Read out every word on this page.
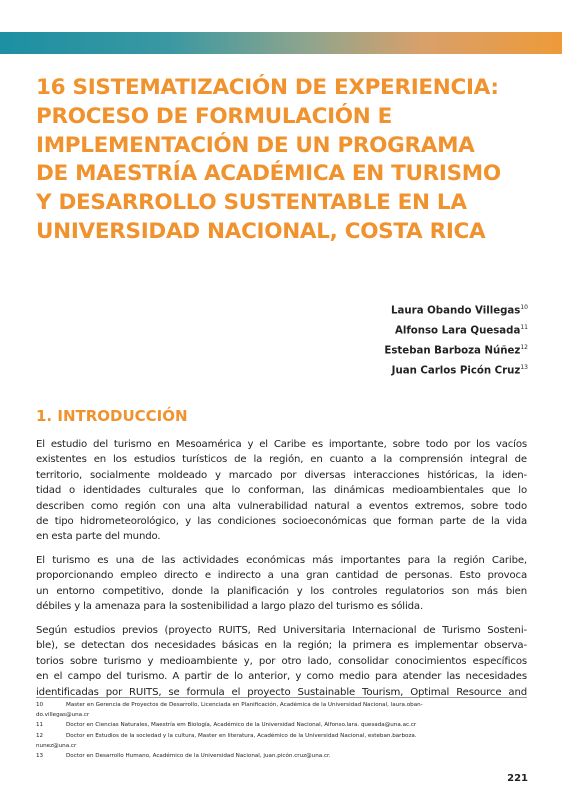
16 SISTEMATIZACIÓN DE EXPERIENCIA:
PROCESO DE FORMULACIÓN E
IMPLEMENTACIÓN DE UN PROGRAMA
DE MAESTRÍA ACADÉMICA EN TURISMO
Y DESARROLLO SUSTENTABLE EN LA
UNIVERSIDAD NACIONAL, COSTA RICA
Laura Obando Villegas$^{10}$
Alfonso Lara Quesada$^{11}$
Esteban Barboza Núñez$^{12}$
Juan Carlos Picón Cruz$^{13}$
1. INTRODUCCIÓN

El estudio del turismo en Mesoamérica y el Caribe es importante, sobre todo por los vacíos
existentes en los estudios turísticos de la región, en cuanto a la comprensión integral de
territorio, socialmente moldeado y marcado por diversas interacciones históricas, la iden-
tidad o identidades culturales que lo conforman, las dinámicas medioambientales que lo
describen como región con una alta vulnerabilidad natural a eventos extremos, sobre todo
de tipo hidrometeorológico, y las condiciones socioeconómicas que forman parte de la vida
en esta parte del mundo.

El turismo es una de las actividades económicas más importantes para la región Caribe,
proporcionando empleo directo e indirecto a una gran cantidad de personas. Esto provoca
un entorno competitivo, donde la planificación y los controles regulatorios son más bien
débiles y la amenaza para la sostenibilidad a largo plazo del turismo es sólida.

Según estudios previos (proyecto RUITS, Red Universitaria Internacional de Turismo Sosteni-
ble), se detectan dos necesidades básicas en la región; la primera es implementar observa-
torios sobre turismo y medioambiente y, por otro lado, consolidar conocimientos específicos
en el campo del turismo. A partir de lo anterior, y como medio para atender las necesidades
identificadas por RUITS, se formula el proyecto Sustainable Tourism, Optimal Resource and

10	Master en Gerencia de Proyectos de Desarrollo, Licenciada en Planificación, Académica de la Universidad Nacional, laura.oban-
do.villegas@una.cr
11	Doctor en Ciencias Naturales, Maestría em Biología, Académico de la Universidad Nacional, Alfonso.lara. quesada@una.ac.cr
12	Doctor en Estudios de la sociedad y la cultura, Master en literatura, Académico de la Universidad Nacional, esteban.barboza.
nunez@una.cr
13	Doctor en Desarrollo Humano, Académico de la Universidad Nacional, juan.picón.cruz@una.cr.
221
